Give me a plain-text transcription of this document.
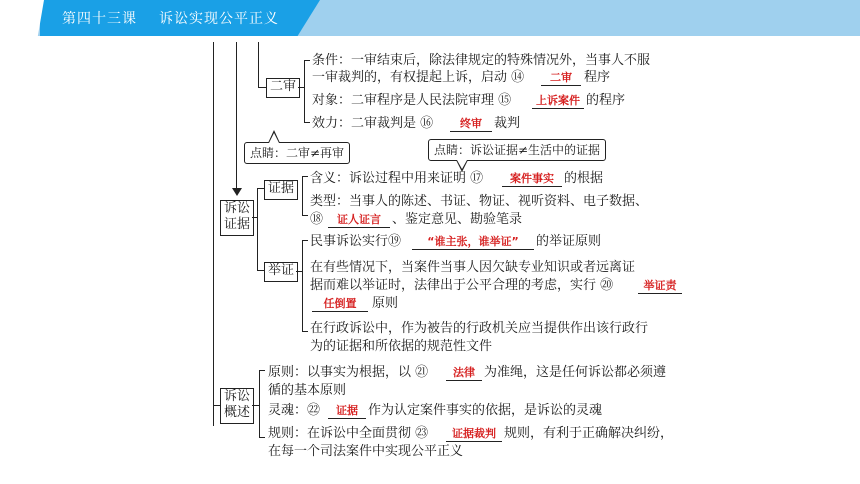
第四十三课 诉讼实现公平正义
二审
条件：一审结束后，除法律规定的特殊情况外，当事人不服
一审裁判的，有权提起上诉，启动 ⑭	二审 程序
对象：二审程序是人民法院审理 ⑮	上诉案件 的程序
效力：二审裁判是 ⑯	终审 裁判
点睛：二审≠再审	点睛：诉讼证据≠生活中的证据
诉讼
证据
证据
含义：诉讼过程中用来证明 ⑰	案件事实 的根据
类型：当事人的陈述、书证、物证、视听资料、电子数据、
⑱	证人证言 、鉴定意见、勘验笔录
举证
民事诉讼实行⑲	“谁主张，谁举证”	的举证原则
在有些情况下，当案件当事人因欠缺专业知识或者远离证
据而难以举证时，法律出于公平合理的考虑，实行 ⑳	举证责
任倒置	原则
在行政诉讼中，作为被告的行政机关应当提供作出该行政行
为的证据和所依据的规范性文件
诉讼
概述
原则：以事实为根据，以 ㉑	法律 为准绳，这是任何诉讼都必须遵
循的基本原则
灵魂：㉒	证据 作为认定案件事实的依据，是诉讼的灵魂
规则：在诉讼中全面贯彻 ㉓	证据裁判 规则，有利于正确解决纠纷，
在每一个司法案件中实现公平正义
